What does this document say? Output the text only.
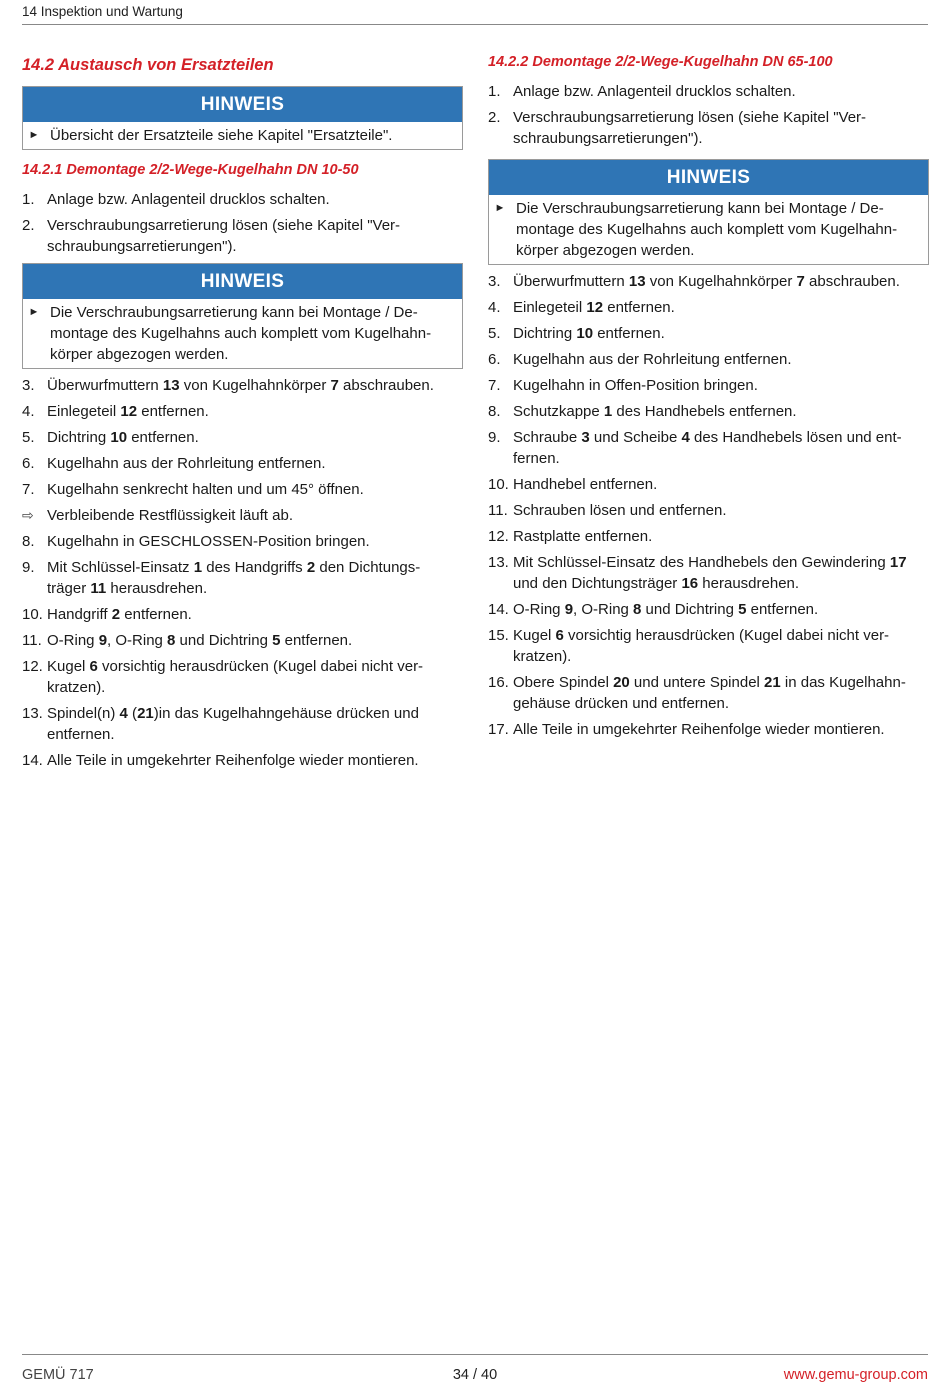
14 Inspektion und Wartung
14.2 Austausch von Ersatzteilen
HINWEIS
► Übersicht der Ersatzteile siehe Kapitel "Ersatzteile".
14.2.1 Demontage 2/2-Wege-Kugelhahn DN 10-50
1. Anlage bzw. Anlagenteil drucklos schalten.
2. Verschraubungsarretierung lösen (siehe Kapitel "Ver-
schraubungsarretierungen").
HINWEIS
► Die Verschraubungsarretierung kann bei Montage / De-
montage des Kugelhahns auch komplett vom Kugelhahn-
körper abgezogen werden.
3. Überwurfmuttern 13 von Kugelhahnkörper 7 abschrauben.
4. Einlegeteil 12 entfernen.
5. Dichtring 10 entfernen.
6. Kugelhahn aus der Rohrleitung entfernen.
7. Kugelhahn senkrecht halten und um 45° öffnen.
⇨ Verbleibende Restflüssigkeit läuft ab.
8. Kugelhahn in GESCHLOSSEN-Position bringen.
9. Mit Schlüssel-Einsatz 1 des Handgriffs 2 den Dichtungs-
träger 11 herausdrehen.
10. Handgriff 2 entfernen.
11. O-Ring 9, O-Ring 8 und Dichtring 5 entfernen.
12. Kugel 6 vorsichtig herausdrücken (Kugel dabei nicht ver-
kratzen).
13. Spindel(n) 4 (21)in das Kugelhahngehäuse drücken und
entfernen.
14. Alle Teile in umgekehrter Reihenfolge wieder montieren.
14.2.2 Demontage 2/2-Wege-Kugelhahn DN 65-100
1. Anlage bzw. Anlagenteil drucklos schalten.
2. Verschraubungsarretierung lösen (siehe Kapitel "Ver-
schraubungsarretierungen").
HINWEIS
► Die Verschraubungsarretierung kann bei Montage / De-
montage des Kugelhahns auch komplett vom Kugelhahn-
körper abgezogen werden.
3. Überwurfmuttern 13 von Kugelhahnkörper 7 abschrauben.
4. Einlegeteil 12 entfernen.
5. Dichtring 10 entfernen.
6. Kugelhahn aus der Rohrleitung entfernen.
7. Kugelhahn in Offen-Position bringen.
8. Schutzkappe 1 des Handhebels entfernen.
9. Schraube 3 und Scheibe 4 des Handhebels lösen und ent-
fernen.
10. Handhebel entfernen.
11. Schrauben lösen und entfernen.
12. Rastplatte entfernen.
13. Mit Schlüssel-Einsatz des Handhebels den Gewindering 17
und den Dichtungsträger 16 herausdrehen.
14. O-Ring 9, O-Ring 8 und Dichtring 5 entfernen.
15. Kugel 6 vorsichtig herausdrücken (Kugel dabei nicht ver-
kratzen).
16. Obere Spindel 20 und untere Spindel 21 in das Kugelhahn-
gehäuse drücken und entfernen.
17. Alle Teile in umgekehrter Reihenfolge wieder montieren.
GEMÜ 717	34 / 40	www.gemu-group.com
